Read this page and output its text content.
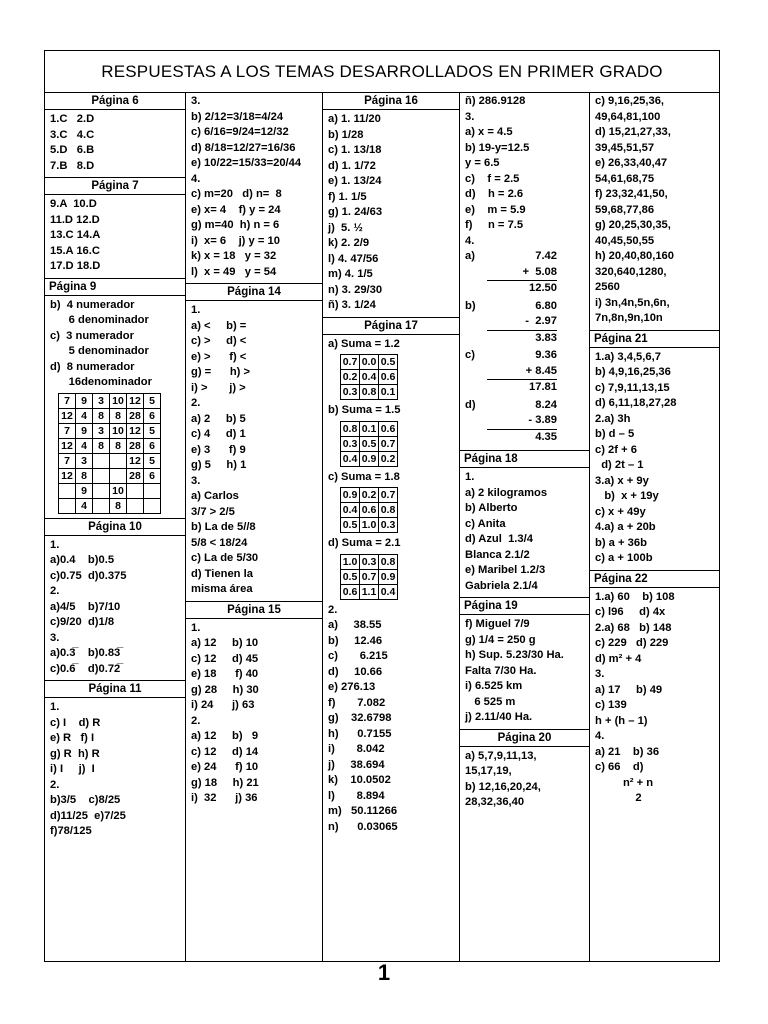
RESPUESTAS A LOS TEMAS DESARROLLADOS EN PRIMER GRADO
Página 6
1.C   2.D
3.C   4.C
5.D   6.B
7.B   8.D
Página 7
9.A  10.D
11.D 12.D
13.C 14.A
15.A 16.C
17.D 18.D
Página 9
b)  4 numerador
6 denominador
c)  3 numerador
5 denominador
d)  8 numerador
16denominador
7	9	3	10	12	5
12	4	8	8	28	6
7	9	3	10	12	5
12	4	8	8	28	6
7	3			12	5
12	8			28	6
	9		10		
	4		8		
Página 10
1.
a)0.4    b)0.5
c)0.75  d)0.375
2.
a)4/5    b)7/10
c)9/20  d)1/8
3.
a)0.3̅    b)0.83̅
c)0.6̅    d)0.72̅
Página 11
1.
c) I    d) R
e) R   f) I
g) R  h) R
i) I     j)  I
2.
b)3/5    c)8/25
d)11/25  e)7/25
f)78/125
3.
b) 2/12=3/18=4/24
c) 6/16=9/24=12/32
d) 8/18=12/27=16/36
e) 10/22=15/33=20/44
4.
c) m=20   d) n=  8
e) x= 4    f) y = 24
g) m=40  h) n = 6
i)  x= 6    j) y = 10
k) x = 18   y = 32
l)  x = 49   y = 54
Página 14
1.
a) <     b) =
c) >     d) <
e) >      f) <
g) =      h) >
i) >       j) >
2.
a) 2     b) 5
c) 4     d) 1
e) 3      f) 9
g) 5     h) 1
3.
a) Carlos
3/7 > 2/5
b) La de 5//8
5/8 < 18/24
c) La de 5/30
d) Tienen la
misma área
Página 15
1.
a) 12     b) 10
c) 12     d) 45
e) 18      f) 40
g) 28     h) 30
i) 24      j) 63
2.
a) 12     b)   9
c) 12     d) 14
e) 24      f) 10
g) 18     h) 21
i)  32      j) 36
Página 16
a) 1. 11/20
b) 1/28
c) 1. 13/18
d) 1. 1/72
e) 1. 13/24
f) 1. 1/5
g) 1. 24/63
j)  5. ½
k) 2. 2/9
l) 4. 47/56
m) 4. 1/5
n) 3. 29/30
ñ) 3. 1/24
Página 17
a) Suma = 1.2
0.7	0.0	0.5
0.2	0.4	0.6
0.3	0.8	0.1
b) Suma = 1.5
0.8	0.1	0.6
0.3	0.5	0.7
0.4	0.9	0.2
c) Suma = 1.8
0.9	0.2	0.7
0.4	0.6	0.8
0.5	1.0	0.3
d) Suma = 2.1
1.0	0.3	0.8
0.5	0.7	0.9
0.6	1.1	0.4
2.
a)     38.55
b)     12.46
c)       6.215
d)     10.66
e) 276.13
f)       7.082
g)    32.6798
h)      0.7155
i)       8.042
j)     38.694
k)    10.0502
l)       8.894
m)   50.11266
n)      0.03065
ñ) 286.9128
3.
a) x = 4.5
b) 19-y=12.5
y = 6.5
c)    f = 2.5
d)    h = 2.6
e)    m = 5.9
f)     n = 7.5
4.
a)	7.42
+  5.08
12.50
b)	6.80
-  2.97
3.83
c)	9.36
+ 8.45
17.81
d)	8.24
- 3.89
4.35
Página 18
1.
a) 2 kilogramos
b) Alberto
c) Anita
d) Azul  1.3/4
Blanca 2.1/2
e) Maribel 1.2/3
Gabriela 2.1/4
Página 19
f) Miguel 7/9
g) 1/4 = 250 g
h) Sup. 5.23/30 Ha.
Falta 7/30 Ha.
i) 6.525 km
6 525 m
j) 2.11/40 Ha.
Página 20
a) 5,7,9,11,13,
15,17,19,
b) 12,16,20,24,
28,32,36,40
c) 9,16,25,36,
49,64,81,100
d) 15,21,27,33,
39,45,51,57
e) 26,33,40,47
54,61,68,75
f) 23,32,41,50,
59,68,77,86
g) 20,25,30,35,
40,45,50,55
h) 20,40,80,160
320,640,1280,
2560
i) 3n,4n,5n,6n,
7n,8n,9n,10n
Página 21
1.a) 3,4,5,6,7
b) 4,9,16,25,36
c) 7,9,11,13,15
d) 6,11,18,27,28
2.a) 3h
b) d – 5
c) 2f + 6
d) 2t – 1
3.a) x + 9y
b)  x + 19y
c) x + 49y
4.a) a + 20b
b) a + 36b
c) a + 100b
Página 22
1.a) 60    b) 108
c) l96     d) 4x
2.a) 68   b) 148
c) 229   d) 229
d) m² + 4
3.
a) 17     b) 49
c) 139
h + (h – 1)
4.
a) 21    b) 36
c) 66    d)
n² + n
2
1
